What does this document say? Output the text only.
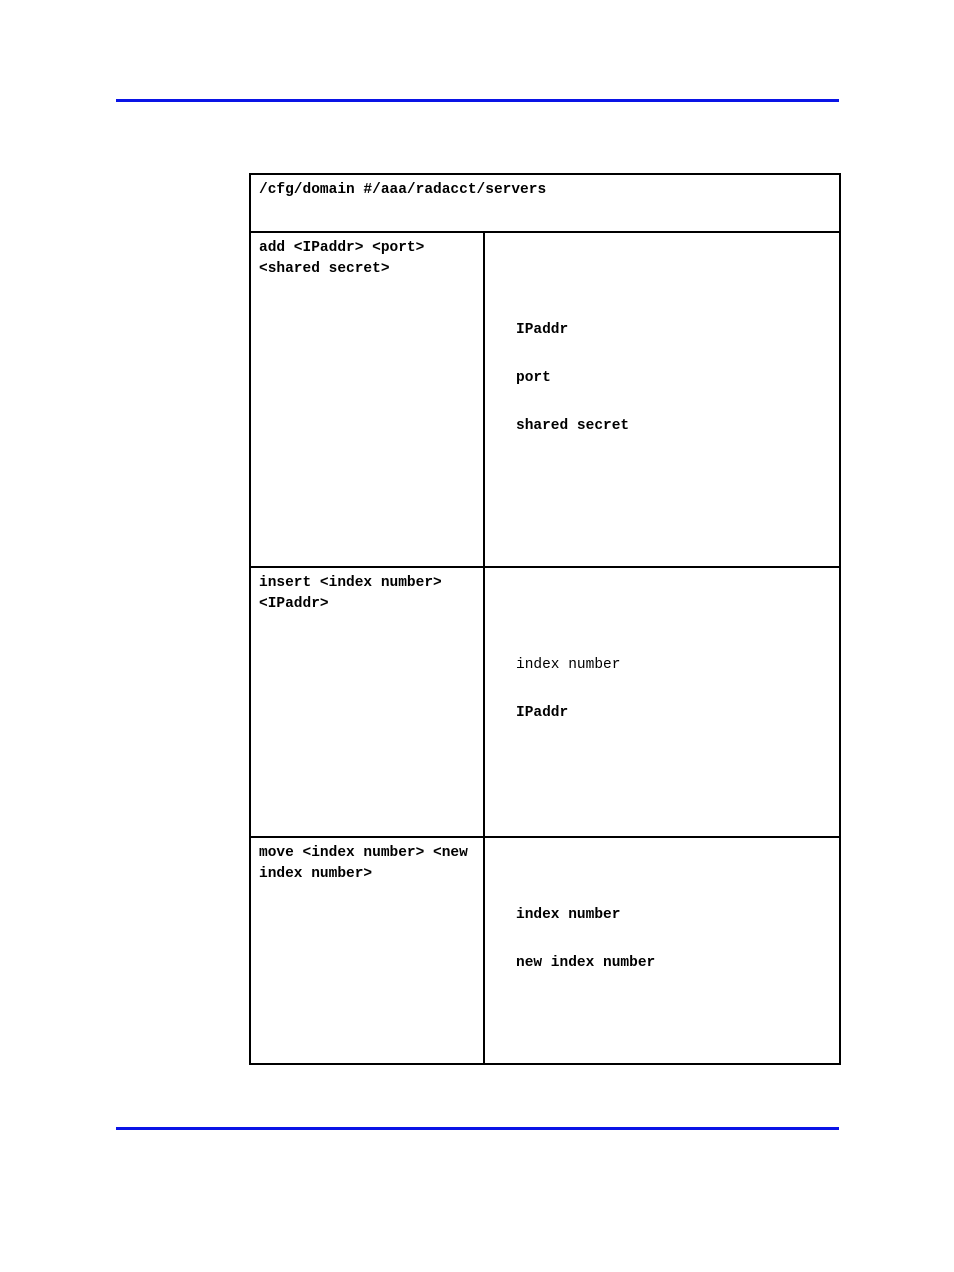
/cfg/domain #/aaa/radacct/servers	

add <IPaddr> <port>
<shared secret>	IPaddr
port
shared secret

insert <index number>
<IPaddr>	index number
IPaddr

move <index number> <new
index number>	index number
new index number
